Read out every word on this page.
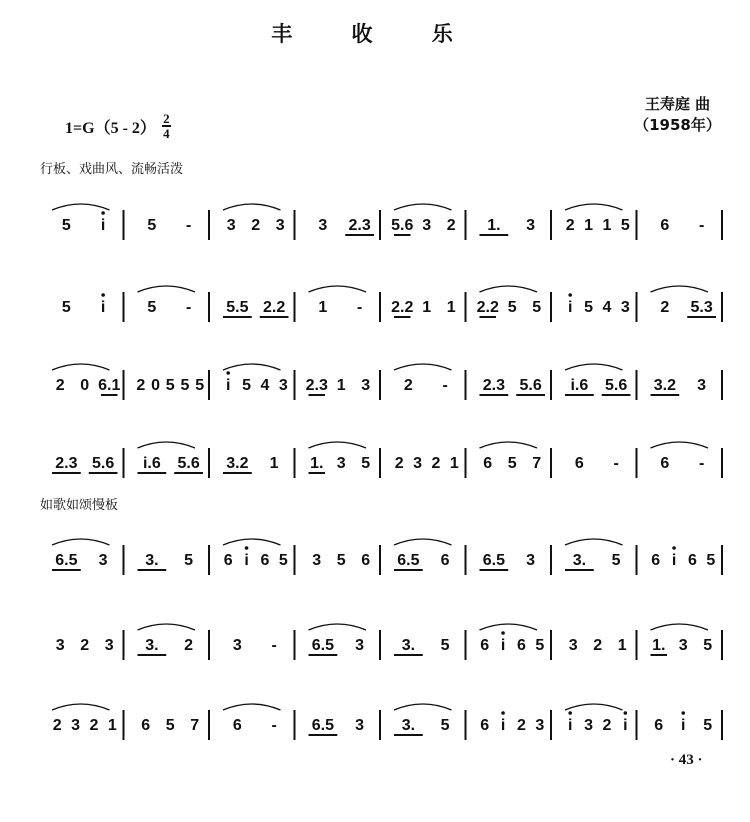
丰 收 乐
王寿庭 曲
（1958年）
1=G（5 - 2）
2
4
行板、戏曲风、流畅活泼
如歌如颂慢板
5 i | 5 - | 3 2 3 | 3 2.3 | 5.6 3 2 | 1. 3 | 2 1 1 5 | 6 - |
5 i	5 - 3 2 3 3 2.3 5.6 3 2 1. 3 2 1 1 5 6 -
5 i | 5 - | 5.5 2.2 | 1 - | 2.2 1 1 | 2.2 5 5 | i 5 4 3 | 2 5.3 |
5 i	5 - 5.5 2.2 1 - 2.2 1 1 2.2 5 5 i 5 4 3 2 5.3
2 0 6.1 | 2 0 5 5 5 | i 5 4 3 | 2.3 1 3 | 2 - | 2.3 5.6 | i.6 5.6 | 3.2 3 |
2 0 6.1 2 0 5 5 5 i 5 4 3 2.3 1 3 2 - 2.3 5.6 i.6 5.6 3.2 3
2.3 5.6 | i.6 5.6 | 3.2 1 | 1. 3 5 | 2 3 2 1 | 6 5 7 | 6 - | 6 - |
2.3 5.6 i.6 5.6 3.2 1 1. 3 5 2 3 2 1 6 5 7 6 -	6 -
6.5 3 | 3. 5 | 6 i 6 5 | 3 5 6 | 6.5 6 | 6.5 3 | 3. 5 | 6 i 6 5 |
6.5 3 3. 5 6 i 6 5 3 5 6 6.5 6 6.5 3 3. 5 6 i 6 5
3 2 3 | 3. 2 | 3 - | 6.5 3 | 3. 5 | 6 i 6 5 | 3 2 1 | 1. 3 5 |
3 2 3 3. 2 3 - 6.5 3 3. 5 6 i 6 5 3 2 1 1. 3 5
2 3 2 1 | 6 5 7 | 6 - | 6.5 3 | 3. 5 | 6 i 2 3 | i 3 2 i | 6 i 5 |
2 3 2 1 6 5 7 6 - 6.5 3 3. 5 6 i 2 3 i 3 2 i 6 i 5
· 43 ·
